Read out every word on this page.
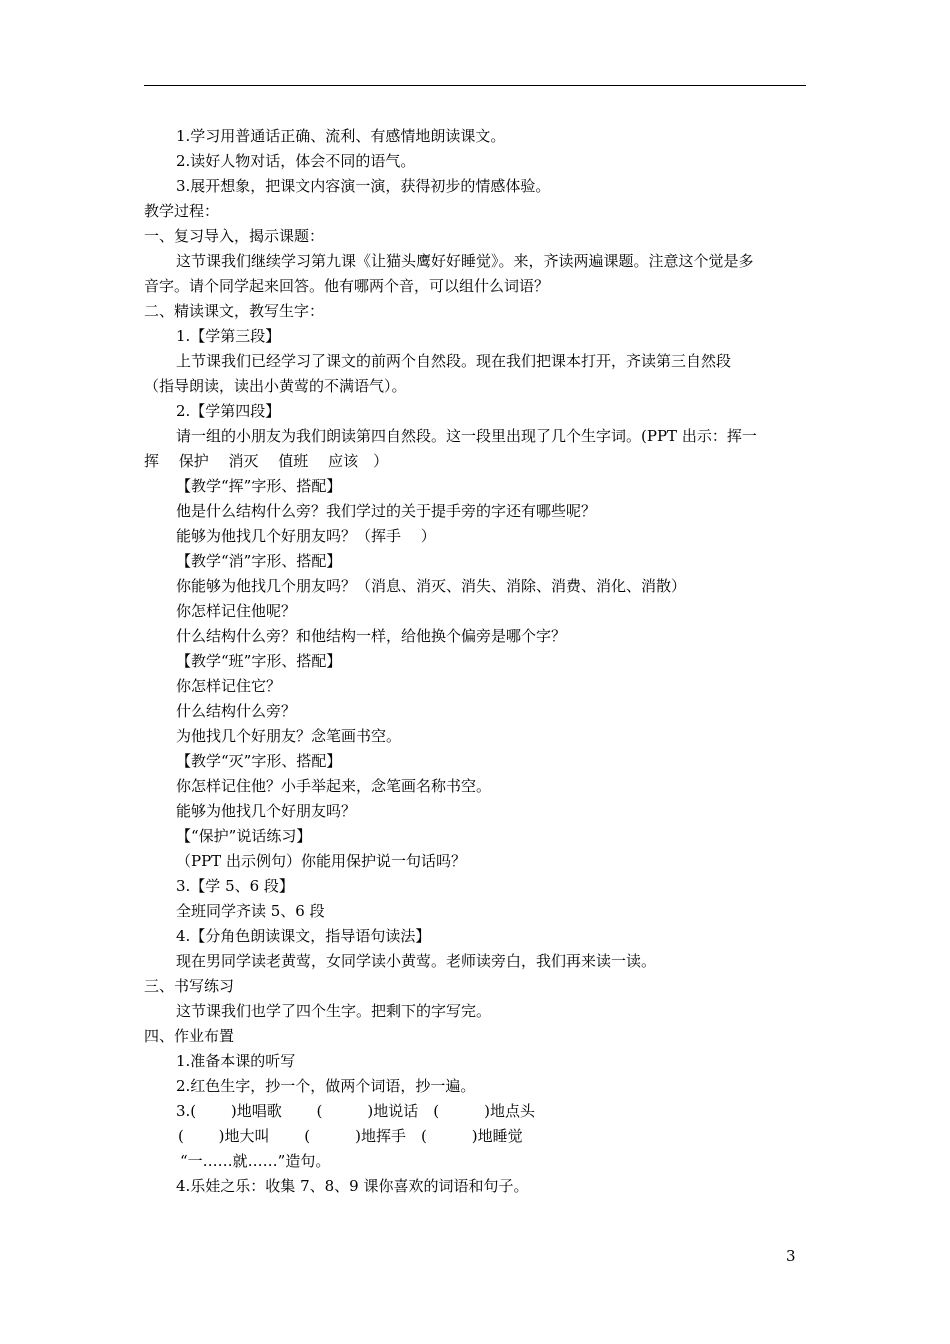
1.学习用普通话正确、流利、有感情地朗读课文。

2.读好人物对话，体会不同的语气。

3.展开想象，把课文内容演一演，获得初步的情感体验。

教学过程：

一、复习导入，揭示课题：

这节课我们继续学习第九课《让猫头鹰好好睡觉》。来，齐读两遍课题。注意这个觉是多

音字。请个同学起来回答。他有哪两个音，可以组什么词语？

二、精读课文，教写生字：

1.【学第三段】

上节课我们已经学习了课文的前两个自然段。现在我们把课本打开，齐读第三自然段

（指导朗读，读出小黄莺的不满语气）。

2.【学第四段】

请一组的小朋友为我们朗读第四自然段。这一段里出现了几个生字词。(PPT 出示：挥一

挥　 保护　 消灭　 值班　 应该　）

【教学“挥”字形、搭配】

他是什么结构什么旁？我们学过的关于提手旁的字还有哪些呢？

能够为他找几个好朋友吗？（挥手　 ）

【教学“消”字形、搭配】

你能够为他找几个朋友吗？（消息、消灭、消失、消除、消费、消化、消散）

你怎样记住他呢？

什么结构什么旁？和他结构一样，给他换个偏旁是哪个字？

【教学“班”字形、搭配】

你怎样记住它？

什么结构什么旁？

为他找几个好朋友？念笔画书空。

【教学“灭”字形、搭配】

你怎样记住他？小手举起来，念笔画名称书空。

能够为他找几个好朋友吗？

【“保护”说话练习】

（PPT 出示例句）你能用保护说一句话吗？

3.【学 5、6 段】

全班同学齐读 5、6 段

4.【分角色朗读课文，指导语句读法】

现在男同学读老黄莺，女同学读小黄莺。老师读旁白，我们再来读一读。

三、书写练习

这节课我们也学了四个生字。把剩下的字写完。

四、作业布置

1.准备本课的听写

2.红色生字，抄一个，做两个词语，抄一遍。

3.(　　 )地唱歌　　 (　　　)地说话　(　　　)地点头

(　　 )地大叫　　 (　　　)地挥手　(　　　)地睡觉

“一……就……”造句。

4.乐娃之乐：收集 7、8、9 课你喜欢的词语和句子。

3
